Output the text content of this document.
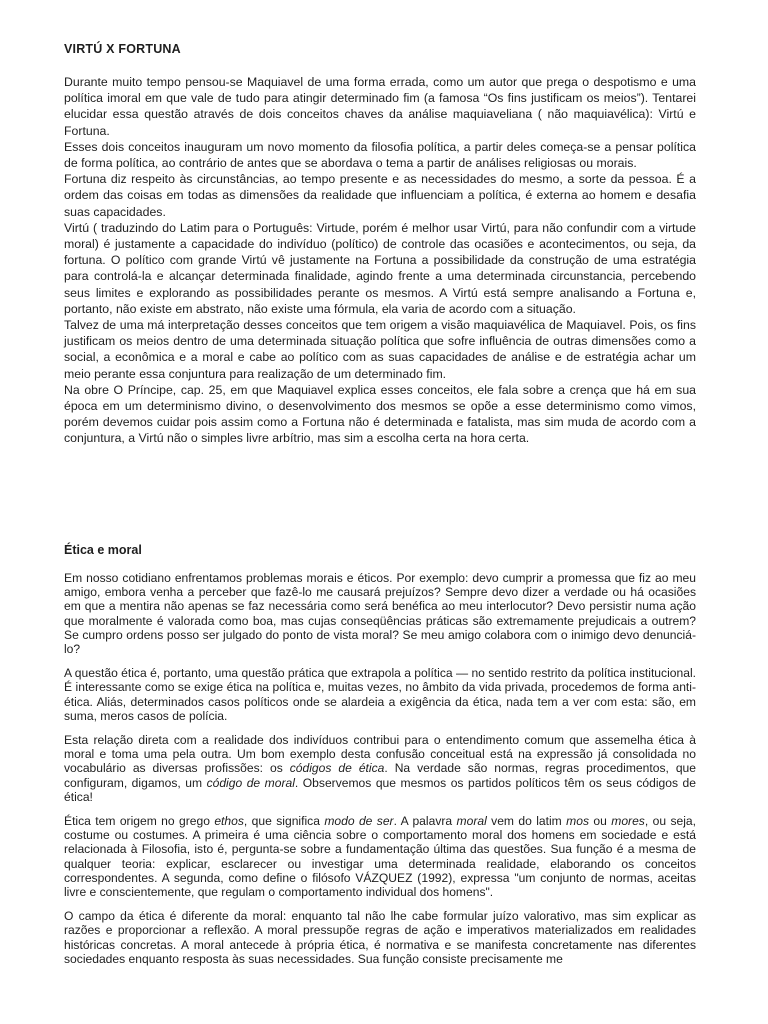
VIRTÚ X FORTUNA

Durante muito tempo pensou-se Maquiavel de uma forma errada, como um autor que prega o despotismo e uma política imoral em que vale de tudo para atingir determinado fim (a famosa “Os fins justificam os meios”). Tentarei elucidar essa questão através de dois conceitos chaves da análise maquiaveliana ( não maquiavélica): Virtú e Fortuna.

Esses dois conceitos inauguram um novo momento da filosofia política, a partir deles começa-se a pensar política de forma política, ao contrário de antes que se abordava o tema a partir de análises religiosas ou morais.

Fortuna diz respeito às circunstâncias, ao tempo presente e as necessidades do mesmo, a sorte da pessoa. É a ordem das coisas em todas as dimensões da realidade que influenciam a política, é externa ao homem e desafia suas capacidades.

Virtú ( traduzindo do Latim para o Português: Virtude, porém é melhor usar Virtú, para não confundir com a virtude moral) é justamente a capacidade do indivíduo (político) de controle das ocasiões e acontecimentos, ou seja, da fortuna. O político com grande Virtú vê justamente na Fortuna a possibilidade da construção de uma estratégia para controlá-la e alcançar determinada finalidade, agindo frente a uma determinada circunstancia, percebendo seus limites e explorando as possibilidades perante os mesmos. A Virtú está sempre analisando a Fortuna e, portanto, não existe em abstrato, não existe uma fórmula, ela varia de acordo com a situação.

Talvez de uma má interpretação desses conceitos que tem origem a visão maquiavélica de Maquiavel. Pois, os fins justificam os meios dentro de uma determinada situação política que sofre influência de outras dimensões como a social, a econômica e a moral e cabe ao político com as suas capacidades de análise e de estratégia achar um meio perante essa conjuntura para realização de um determinado fim.

Na obre O Príncipe, cap. 25, em que Maquiavel explica esses conceitos, ele fala sobre a crença que há em sua época em um determinismo divino, o desenvolvimento dos mesmos se opõe a esse determinismo como vimos, porém devemos cuidar pois assim como a Fortuna não é determinada e fatalista, mas sim muda de acordo com a conjuntura, a Virtú não o simples livre arbítrio, mas sim a escolha certa na hora certa.

Ética e moral

Em nosso cotidiano enfrentamos problemas morais e éticos. Por exemplo: devo cumprir a promessa que fiz ao meu amigo, embora venha a perceber que fazê-lo me causará prejuízos? Sempre devo dizer a verdade ou há ocasiões em que a mentira não apenas se faz necessária como será benéfica ao meu interlocutor? Devo persistir numa ação que moralmente é valorada como boa, mas cujas conseqüências práticas são extremamente prejudicais a outrem? Se cumpro ordens posso ser julgado do ponto de vista moral? Se meu amigo colabora com o inimigo devo denunciá-lo?

A questão ética é, portanto, uma questão prática que extrapola a política — no sentido restrito da política institucional. É interessante como se exige ética na política e, muitas vezes, no âmbito da vida privada, procedemos de forma anti-ética. Aliás, determinados casos políticos onde se alardeia a exigência da ética, nada tem a ver com esta: são, em suma, meros casos de polícia.

Esta relação direta com a realidade dos indivíduos contribui para o entendimento comum que assemelha ética à moral e toma uma pela outra. Um bom exemplo desta confusão conceitual está na expressão já consolidada no vocabulário as diversas profissões: os códigos de ética. Na verdade são normas, regras procedimentos, que configuram, digamos, um código de moral. Observemos que mesmos os partidos políticos têm os seus códigos de ética!

Ética tem origem no grego ethos, que significa modo de ser. A palavra moral vem do latim mos ou mores, ou seja, costume ou costumes. A primeira é uma ciência sobre o comportamento moral dos homens em sociedade e está relacionada à Filosofia, isto é, pergunta-se sobre a fundamentação última das questões. Sua função é a mesma de qualquer teoria: explicar, esclarecer ou investigar uma determinada realidade, elaborando os conceitos correspondentes. A segunda, como define o filósofo VÁZQUEZ (1992), expressa "um conjunto de normas, aceitas livre e conscientemente, que regulam o comportamento individual dos homens".

O campo da ética é diferente da moral: enquanto tal não lhe cabe formular juízo valorativo, mas sim explicar as razões e proporcionar a reflexão. A moral pressupõe regras de ação e imperativos materializados em realidades históricas concretas. A moral antecede à própria ética, é normativa e se manifesta concretamente nas diferentes sociedades enquanto resposta às suas necessidades. Sua função consiste precisamente me
